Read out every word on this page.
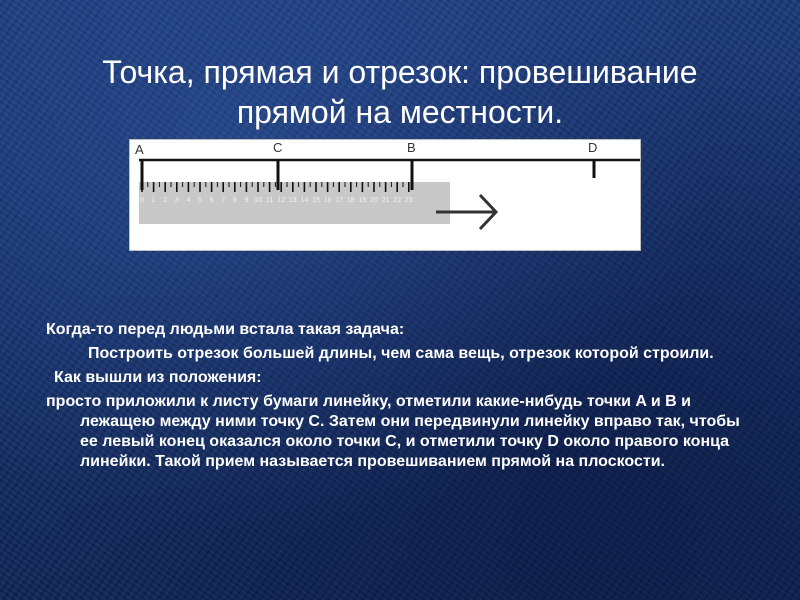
Точка, прямая и отрезок: провешивание
прямой на местности.
0 1 2 3 4 5 6 7 8 9 10 11 12 13 14 15 16 17 18 19 20 21 22 23
A	C	B	D

Когда-то перед людьми встала такая задача:

Построить отрезок большей длины, чем сама вещь, отрезок которой строили.

Как вышли из положения:

просто приложили к листу бумаги линейку, отметили какие-нибудь точки A и B и лежащею между ними точку C. Затем они передвинули линейку вправо так, чтобы ее левый конец оказался около точки C, и отметили точку D около правого конца линейки. Такой прием называется провешиванием прямой на плоскости.
